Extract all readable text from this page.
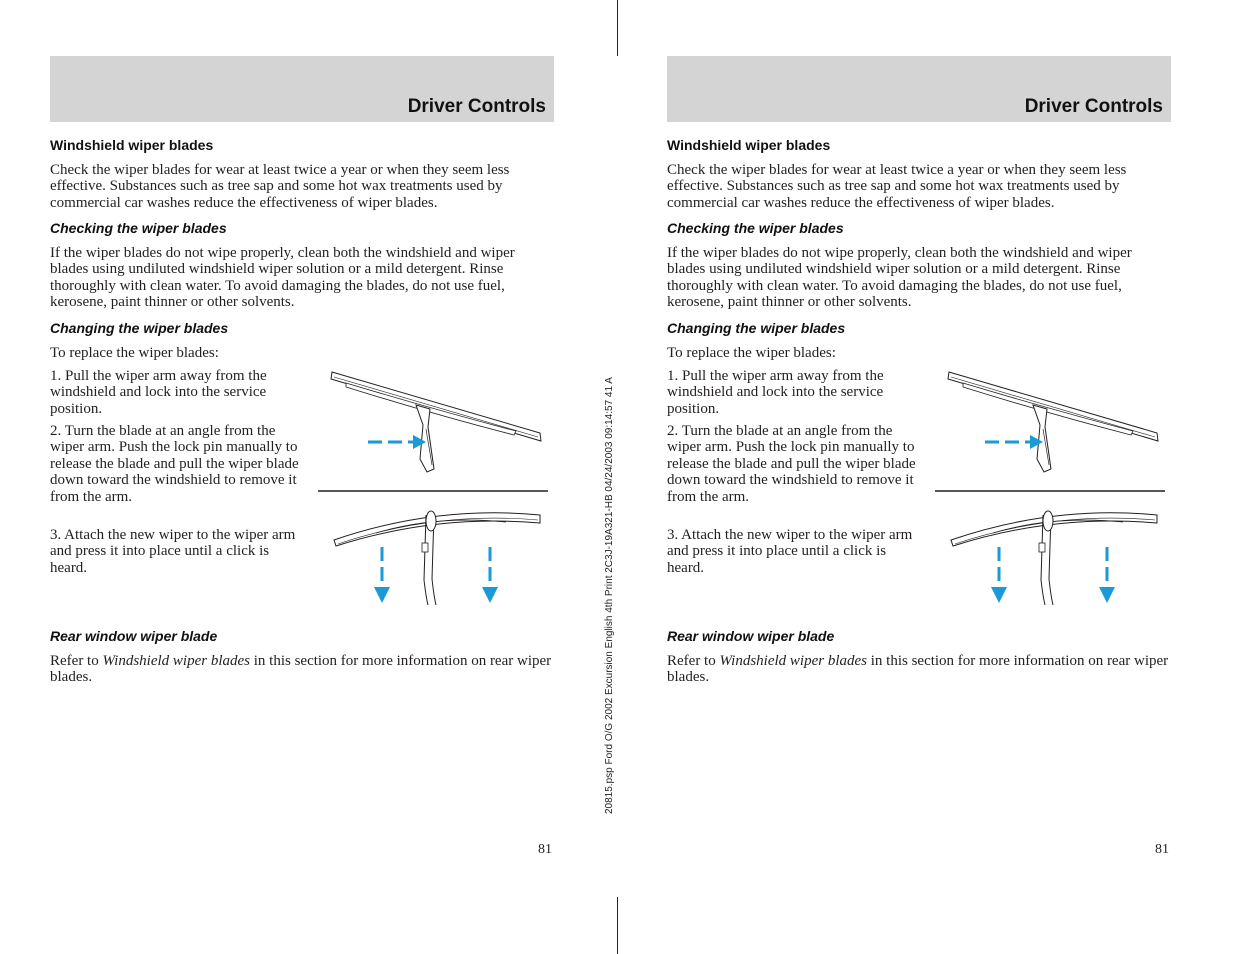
Driver Controls
Windshield wiper blades

Check the wiper blades for wear at least twice a year or when they seem less effective. Substances such as tree sap and some hot wax treatments used by commercial car washes reduce the effectiveness of wiper blades.

Checking the wiper blades

If the wiper blades do not wipe properly, clean both the windshield and wiper blades using undiluted windshield wiper solution or a mild detergent. Rinse thoroughly with clean water. To avoid damaging the blades, do not use fuel, kerosene, paint thinner or other solvents.

Changing the wiper blades

To replace the wiper blades:

1. Pull the wiper arm away from the windshield and lock into the service position.

2. Turn the blade at an angle from the wiper arm. Push the lock pin manually to release the blade and pull the wiper blade down toward the windshield to remove it from the arm.

3. Attach the new wiper to the wiper arm and press it into place until a click is heard.

Rear window wiper blade

Refer to Windshield wiper blades in this section for more information on rear wiper blades.

81
Driver Controls
Windshield wiper blades

Check the wiper blades for wear at least twice a year or when they seem less effective. Substances such as tree sap and some hot wax treatments used by commercial car washes reduce the effectiveness of wiper blades.

Checking the wiper blades

If the wiper blades do not wipe properly, clean both the windshield and wiper blades using undiluted windshield wiper solution or a mild detergent. Rinse thoroughly with clean water. To avoid damaging the blades, do not use fuel, kerosene, paint thinner or other solvents.

Changing the wiper blades

To replace the wiper blades:

1. Pull the wiper arm away from the windshield and lock into the service position.

2. Turn the blade at an angle from the wiper arm. Push the lock pin manually to release the blade and pull the wiper blade down toward the windshield to remove it from the arm.

3. Attach the new wiper to the wiper arm and press it into place until a click is heard.

Rear window wiper blade

Refer to Windshield wiper blades in this section for more information on rear wiper blades.

81
20815.psp Ford O/G 2002 Excursion English 4th Print 2C3J-19A321-HB 04/24/2003 09:14:57 41 A
